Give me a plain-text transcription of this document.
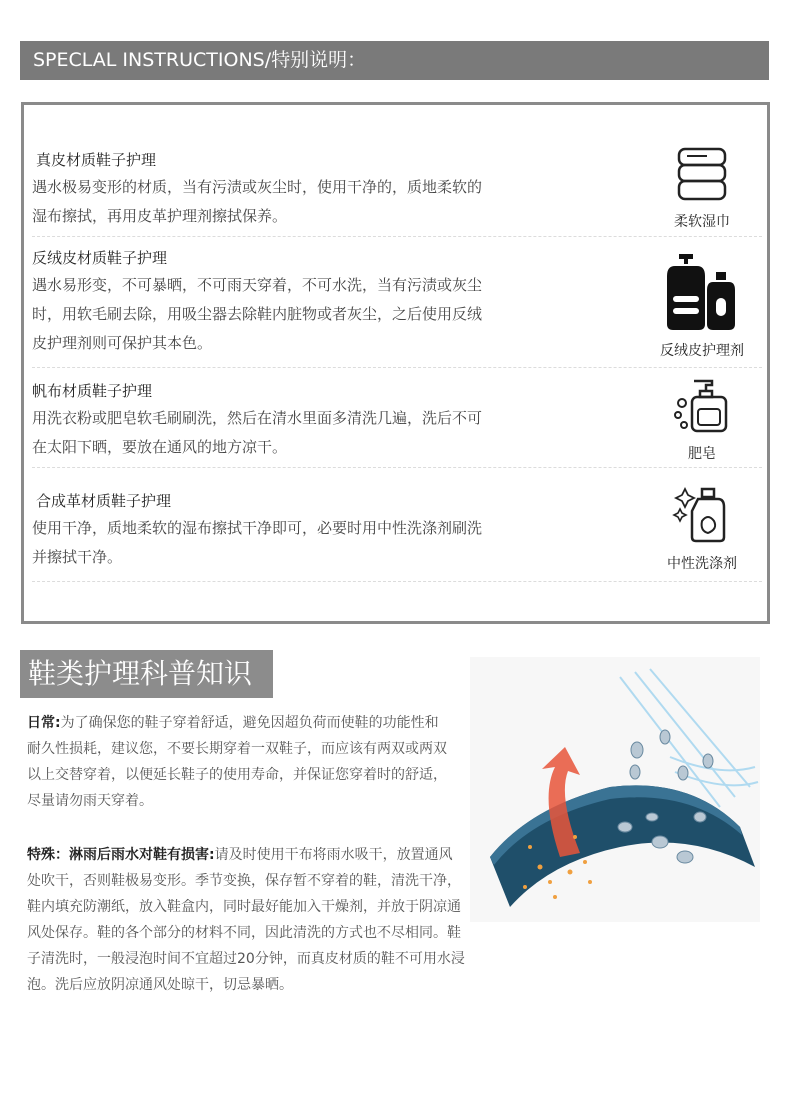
SPECLAL INSTRUCTIONS/特别说明：
真皮材质鞋子护理
遇水极易变形的材质，当有污渍或灰尘时，使用干净的，质地柔软的
湿布擦拭，再用皮革护理剂擦拭保养。	柔软湿巾
反绒皮材质鞋子护理
遇水易形变，不可暴晒，不可雨天穿着，不可水洗，当有污渍或灰尘
时，用软毛刷去除，用吸尘器去除鞋内脏物或者灰尘，之后使用反绒
皮护理剂则可保护其本色。	反绒皮护理剂
帆布材质鞋子护理
用洗衣粉或肥皂软毛刷刷洗，然后在清水里面多清洗几遍，洗后不可
在太阳下晒，要放在通风的地方凉干。	肥皂
合成革材质鞋子护理
使用干净，质地柔软的湿布擦拭干净即可，必要时用中性洗涤剂刷洗
并擦拭干净。	中性洗涤剂
鞋类护理科普知识
日常:为了确保您的鞋子穿着舒适，避免因超负荷而使鞋的功能性和
耐久性损耗，建议您，不要长期穿着一双鞋子，而应该有两双或两双
以上交替穿着，以便延长鞋子的使用寿命，并保证您穿着时的舒适，
尽量请勿雨天穿着。
特殊：淋雨后雨水对鞋有损害:请及时使用干布将雨水吸干，放置通风
处吹干，否则鞋极易变形。季节变换，保存暂不穿着的鞋，清洗干净，
鞋内填充防潮纸，放入鞋盒内，同时最好能加入干燥剂，并放于阴凉通
风处保存。鞋的各个部分的材料不同，因此清洗的方式也不尽相同。鞋
子清洗时，一般浸泡时间不宜超过20分钟，而真皮材质的鞋不可用水浸
泡。洗后应放阴凉通风处晾干，切忌暴晒。
